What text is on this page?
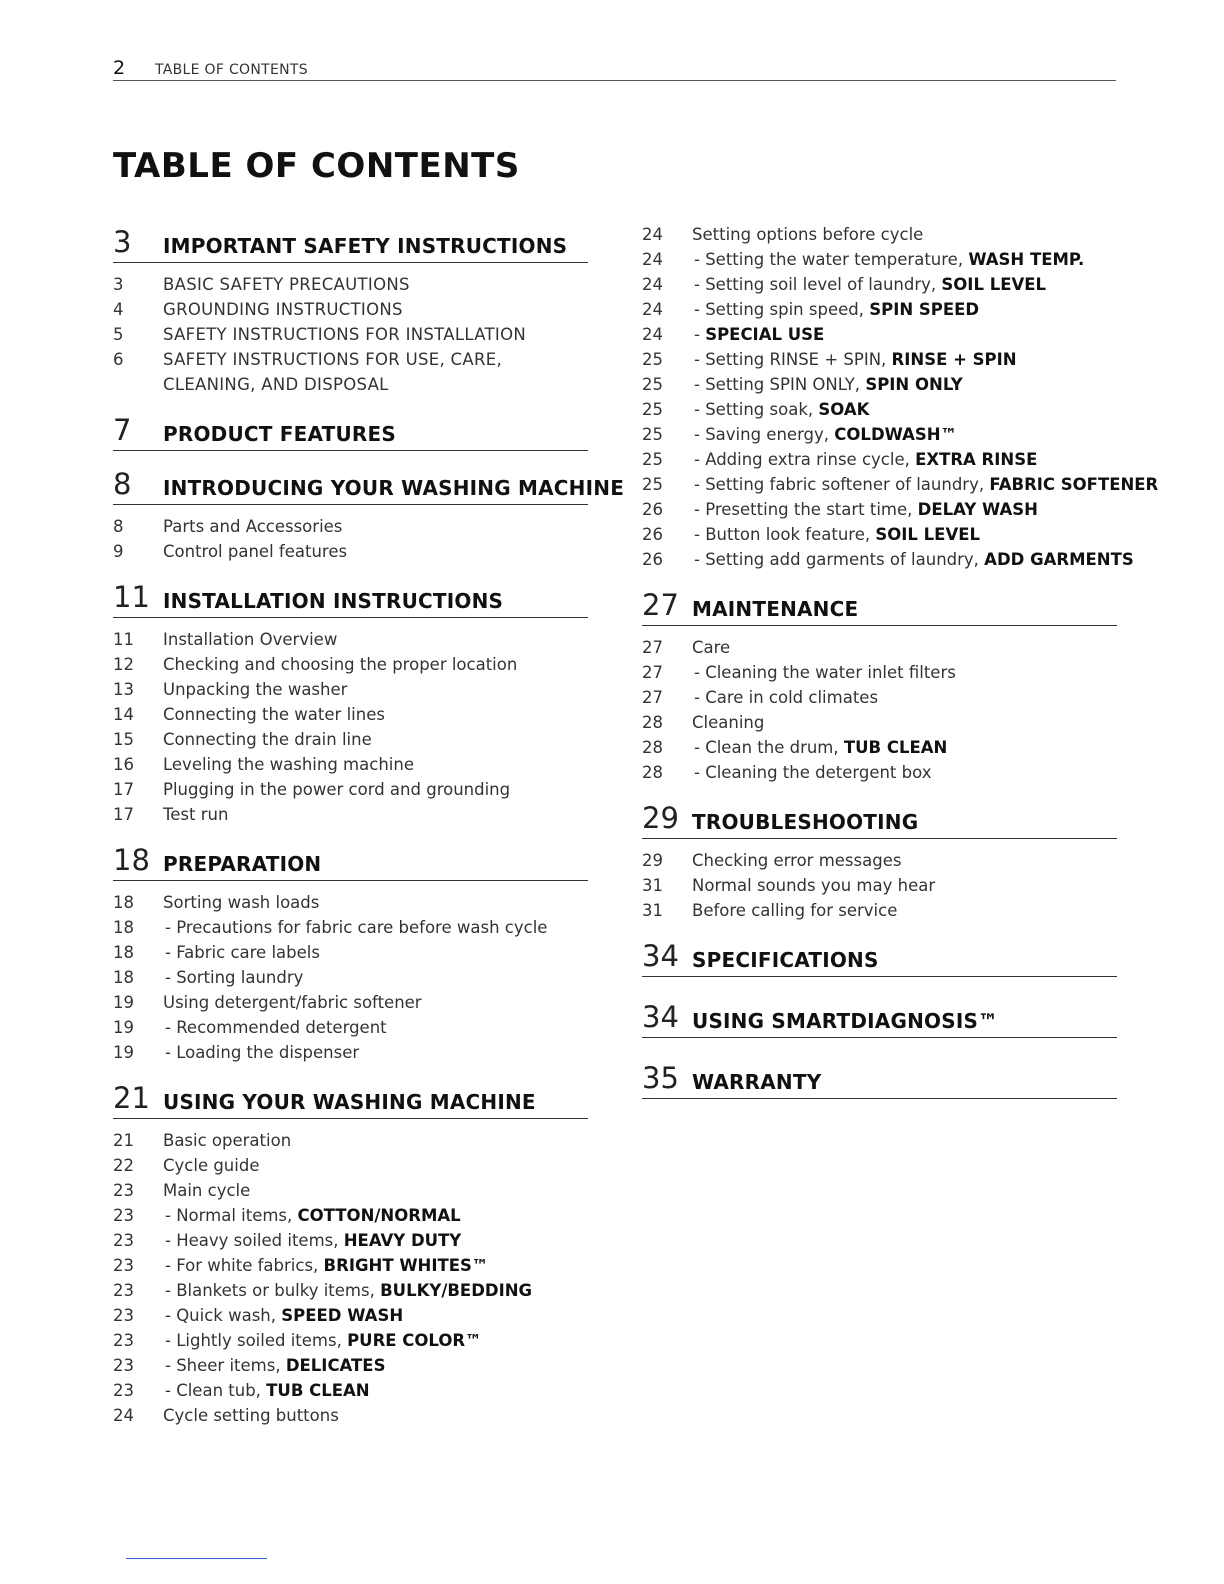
2 TABLE OF CONTENTS
TABLE OF CONTENTS
3 IMPORTANT SAFETY INSTRUCTIONS
3 BASIC SAFETY PRECAUTIONS
4 GROUNDING INSTRUCTIONS
5 SAFETY INSTRUCTIONS FOR INSTALLATION
6 SAFETY INSTRUCTIONS FOR USE, CARE,
CLEANING, AND DISPOSAL
7 PRODUCT FEATURES
8 INTRODUCING YOUR WASHING MACHINE
8 Parts and Accessories
9 Control panel features
11 INSTALLATION INSTRUCTIONS
11 Installation Overview
12 Checking and choosing the proper location
13 Unpacking the washer
14 Connecting the water lines
15 Connecting the drain line
16 Leveling the washing machine
17 Plugging in the power cord and grounding
17 Test run
18 PREPARATION
18 Sorting wash loads
18 - Precautions for fabric care before wash cycle
18 - Fabric care labels
18 - Sorting laundry
19 Using detergent/fabric softener
19 - Recommended detergent
19 - Loading the dispenser
21 USING YOUR WASHING MACHINE
21 Basic operation
22 Cycle guide
23 Main cycle
23 - Normal items, COTTON/NORMAL
23 - Heavy soiled items, HEAVY DUTY
23 - For white fabrics, BRIGHT WHITES™
23 - Blankets or bulky items, BULKY/BEDDING
23 - Quick wash, SPEED WASH
23 - Lightly soiled items, PURE COLOR™
23 - Sheer items, DELICATES
23 - Clean tub, TUB CLEAN
24 Cycle setting buttons
24 Setting options before cycle
24 - Setting the water temperature, WASH TEMP.
24 - Setting soil level of laundry, SOIL LEVEL
24 - Setting spin speed, SPIN SPEED
24 - SPECIAL USE
25 - Setting RINSE + SPIN, RINSE + SPIN
25 - Setting SPIN ONLY, SPIN ONLY
25 - Setting soak, SOAK
25 - Saving energy, COLDWASH™
25 - Adding extra rinse cycle, EXTRA RINSE
25 - Setting fabric softener of laundry, FABRIC SOFTENER
26 - Presetting the start time, DELAY WASH
26 - Button look feature, SOIL LEVEL
26 - Setting add garments of laundry, ADD GARMENTS
27 MAINTENANCE
27 Care
27 - Cleaning the water inlet filters
27 - Care in cold climates
28 Cleaning
28 - Clean the drum, TUB CLEAN
28 - Cleaning the detergent box
29 TROUBLESHOOTING
29 Checking error messages
31 Normal sounds you may hear
31 Before calling for service
34 SPECIFICATIONS
34 USING SMARTDIAGNOSIS™
35 WARRANTY
